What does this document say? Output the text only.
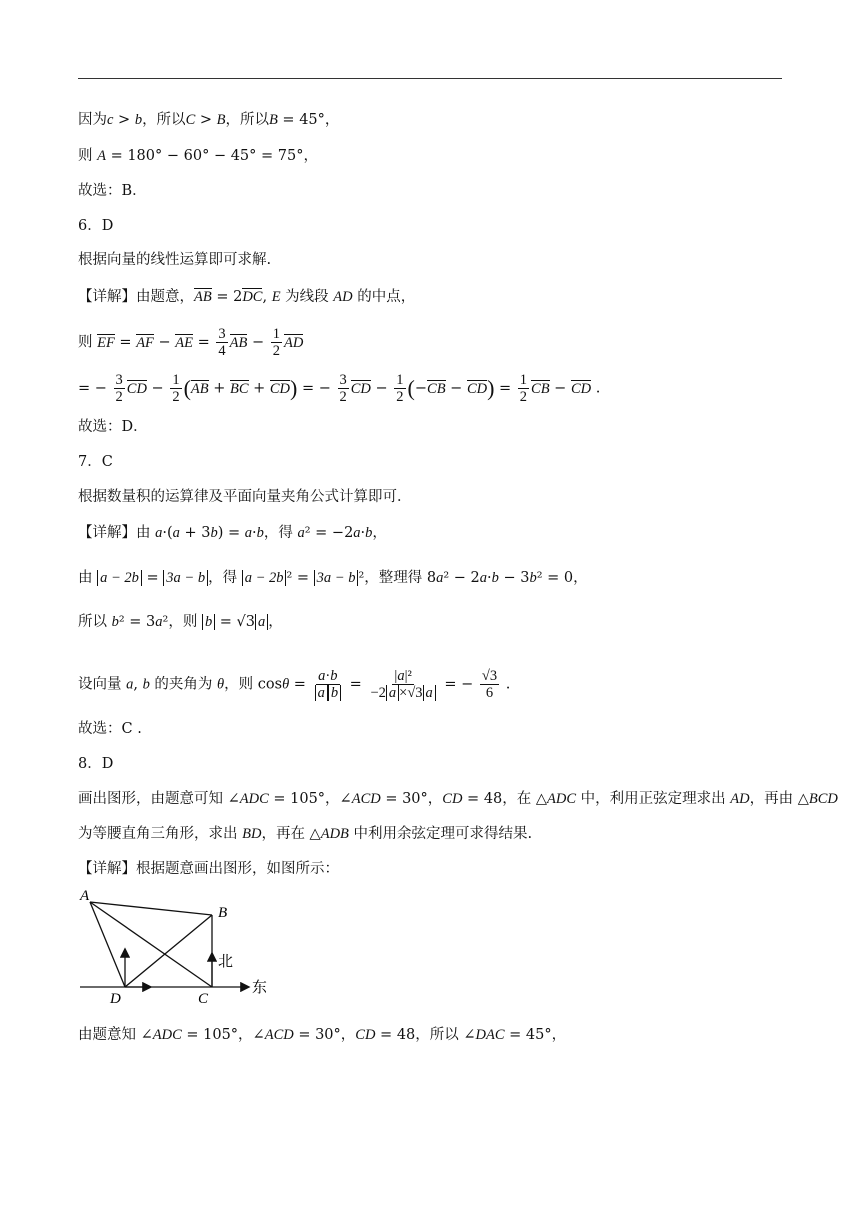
因为c > b，所以C > B，所以B = 45°，
则 A = 180° − 60° − 45° = 75°，
故选：B．
6．D
根据向量的线性运算即可求解.
【详解】由题意，AB = 2DC, E 为线段 AD 的中点，
则 EF = AF − AE = $\frac{3}{4}$ AB − $\frac{1}{2}$ AD
= − $\frac{3}{2}$ CD − $\frac{1}{2} (AB$ + BC + CD) = − $\frac{3}{2}$ CD − $\frac{1}{2} (-CB - CD) = \frac{1}{2}$ CB − CD .
故选：D．
7．C
根据数量积的运算律及平面向量夹角公式计算即可．
【详解】由 a·(a + 3b) = a·b，得 a² = −2a·b，
由 a − 2b = 3a − b ，得 a − 2b ² = 3a − b ²，整理得 8a² − 2a·b − 3b² = 0，
所以 b² = 3a²，则 b = √3 a ，
设向量 a, b 的夹角为 θ，则 $\cos\theta = \frac{a\cdot b}{\text{a b}} = \frac{\text{|a|²}}{-2 a \times√3 a}$ = − $\frac{√3}{6}$ .
故选：C .
8．D
画出图形，由题意可知 ∠ADC = 105°，∠ACD = 30°，CD = 48，在 △ADC 中，利用正弦定理求出 AD，再由 △BCD
为等腰直角三角形，求出 BD，再在 △ADB 中利用余弦定理可求得结果.
【详解】根据题意画出图形，如图所示：
A
B
D	C
北
东
由题意知 ∠ADC = 105°，∠ACD = 30°，CD = 48，所以 ∠DAC = 45°，
